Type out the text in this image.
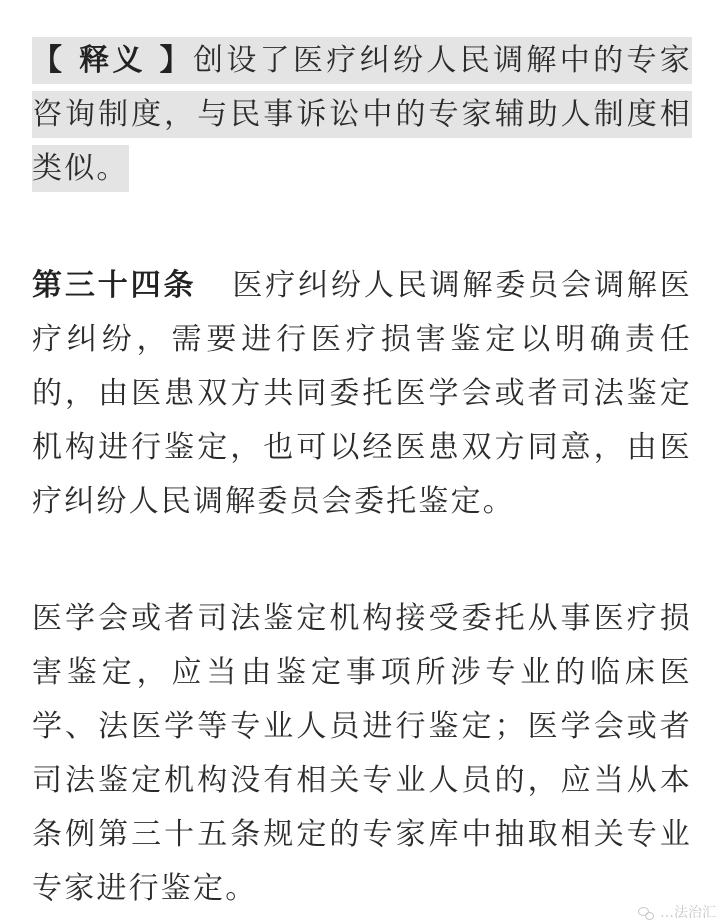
【 释义 】创设了医疗纠纷人民调解中的专家咨询制度，与民事诉讼中的专家辅助人制度相类似。

第三十四条 医疗纠纷人民调解委员会调解医疗纠纷，需要进行医疗损害鉴定以明确责任的，由医患双方共同委托医学会或者司法鉴定机构进行鉴定，也可以经医患双方同意，由医疗纠纷人民调解委员会委托鉴定。

医学会或者司法鉴定机构接受委托从事医疗损害鉴定，应当由鉴定事项所涉专业的临床医学、法医学等专业人员进行鉴定；医学会或者司法鉴定机构没有相关专业人员的，应当从本条例第三十五条规定的专家库中抽取相关专业专家进行鉴定。

…法治汇
